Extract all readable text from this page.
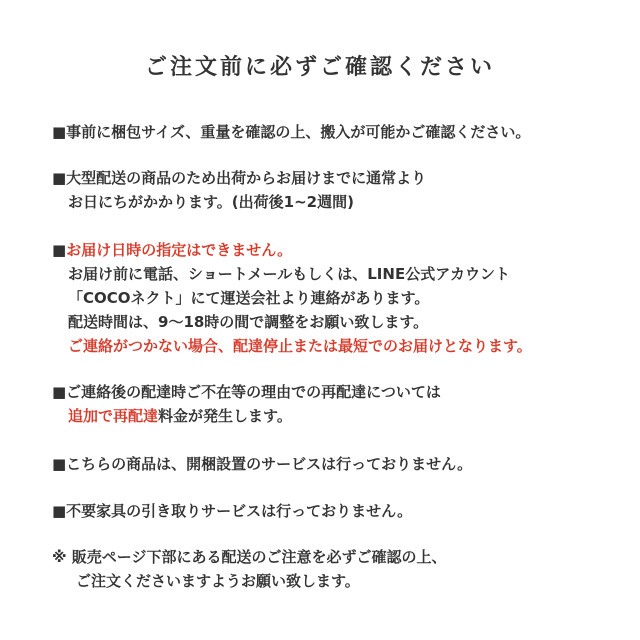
ご注文前に必ずご確認ください
■事前に梱包サイズ、重量を確認の上、搬入が可能かご確認ください。
■大型配送の商品のため出荷からお届けまでに通常より
お日にちがかかります。(出荷後1~2週間)
■お届け日時の指定はできません。
お届け前に電話、ショートメールもしくは、LINE公式アカウント
「COCOネクト」にて運送会社より連絡があります。
配送時間は、9〜18時の間で調整をお願い致します。
ご連絡がつかない場合、配達停止または最短でのお届けとなります。
■ご連絡後の配達時ご不在等の理由での再配達については
追加で再配達料金が発生します。
■こちらの商品は、開梱設置のサービスは行っておりません。
■不要家具の引き取りサービスは行っておりません。
※ 販売ページ下部にある配送のご注意を必ずご確認の上、
ご注文くださいますようお願い致します。
